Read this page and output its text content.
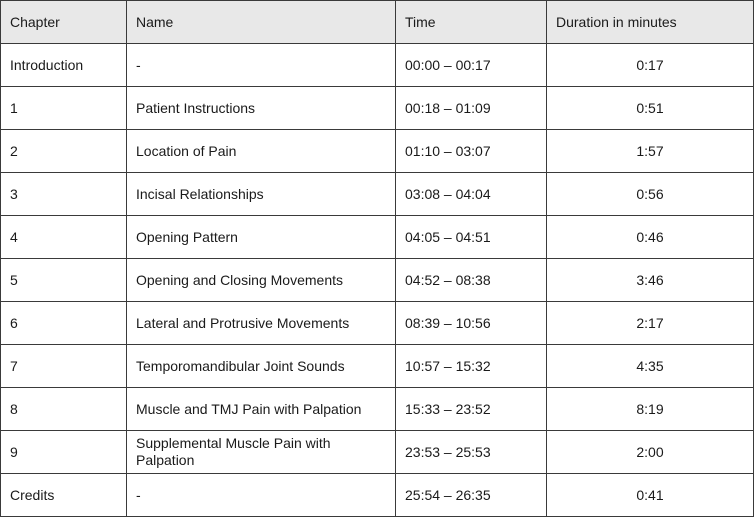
Chapter	Name	Time	Duration in minutes
Introduction	-	00:00 – 00:17	0:17
1	Patient Instructions	00:18 – 01:09	0:51
2	Location of Pain	01:10 – 03:07	1:57
3	Incisal Relationships	03:08 – 04:04	0:56
4	Opening Pattern	04:05 – 04:51	0:46
5	Opening and Closing Movements	04:52 – 08:38	3:46
6	Lateral and Protrusive Movements	08:39 – 10:56	2:17
7	Temporomandibular Joint Sounds	10:57 – 15:32	4:35
8	Muscle and TMJ Pain with Palpation	15:33 – 23:52	8:19
9	Supplemental Muscle Pain with Palpation	23:53 – 25:53	2:00
Credits	-	25:54 – 26:35	0:41
